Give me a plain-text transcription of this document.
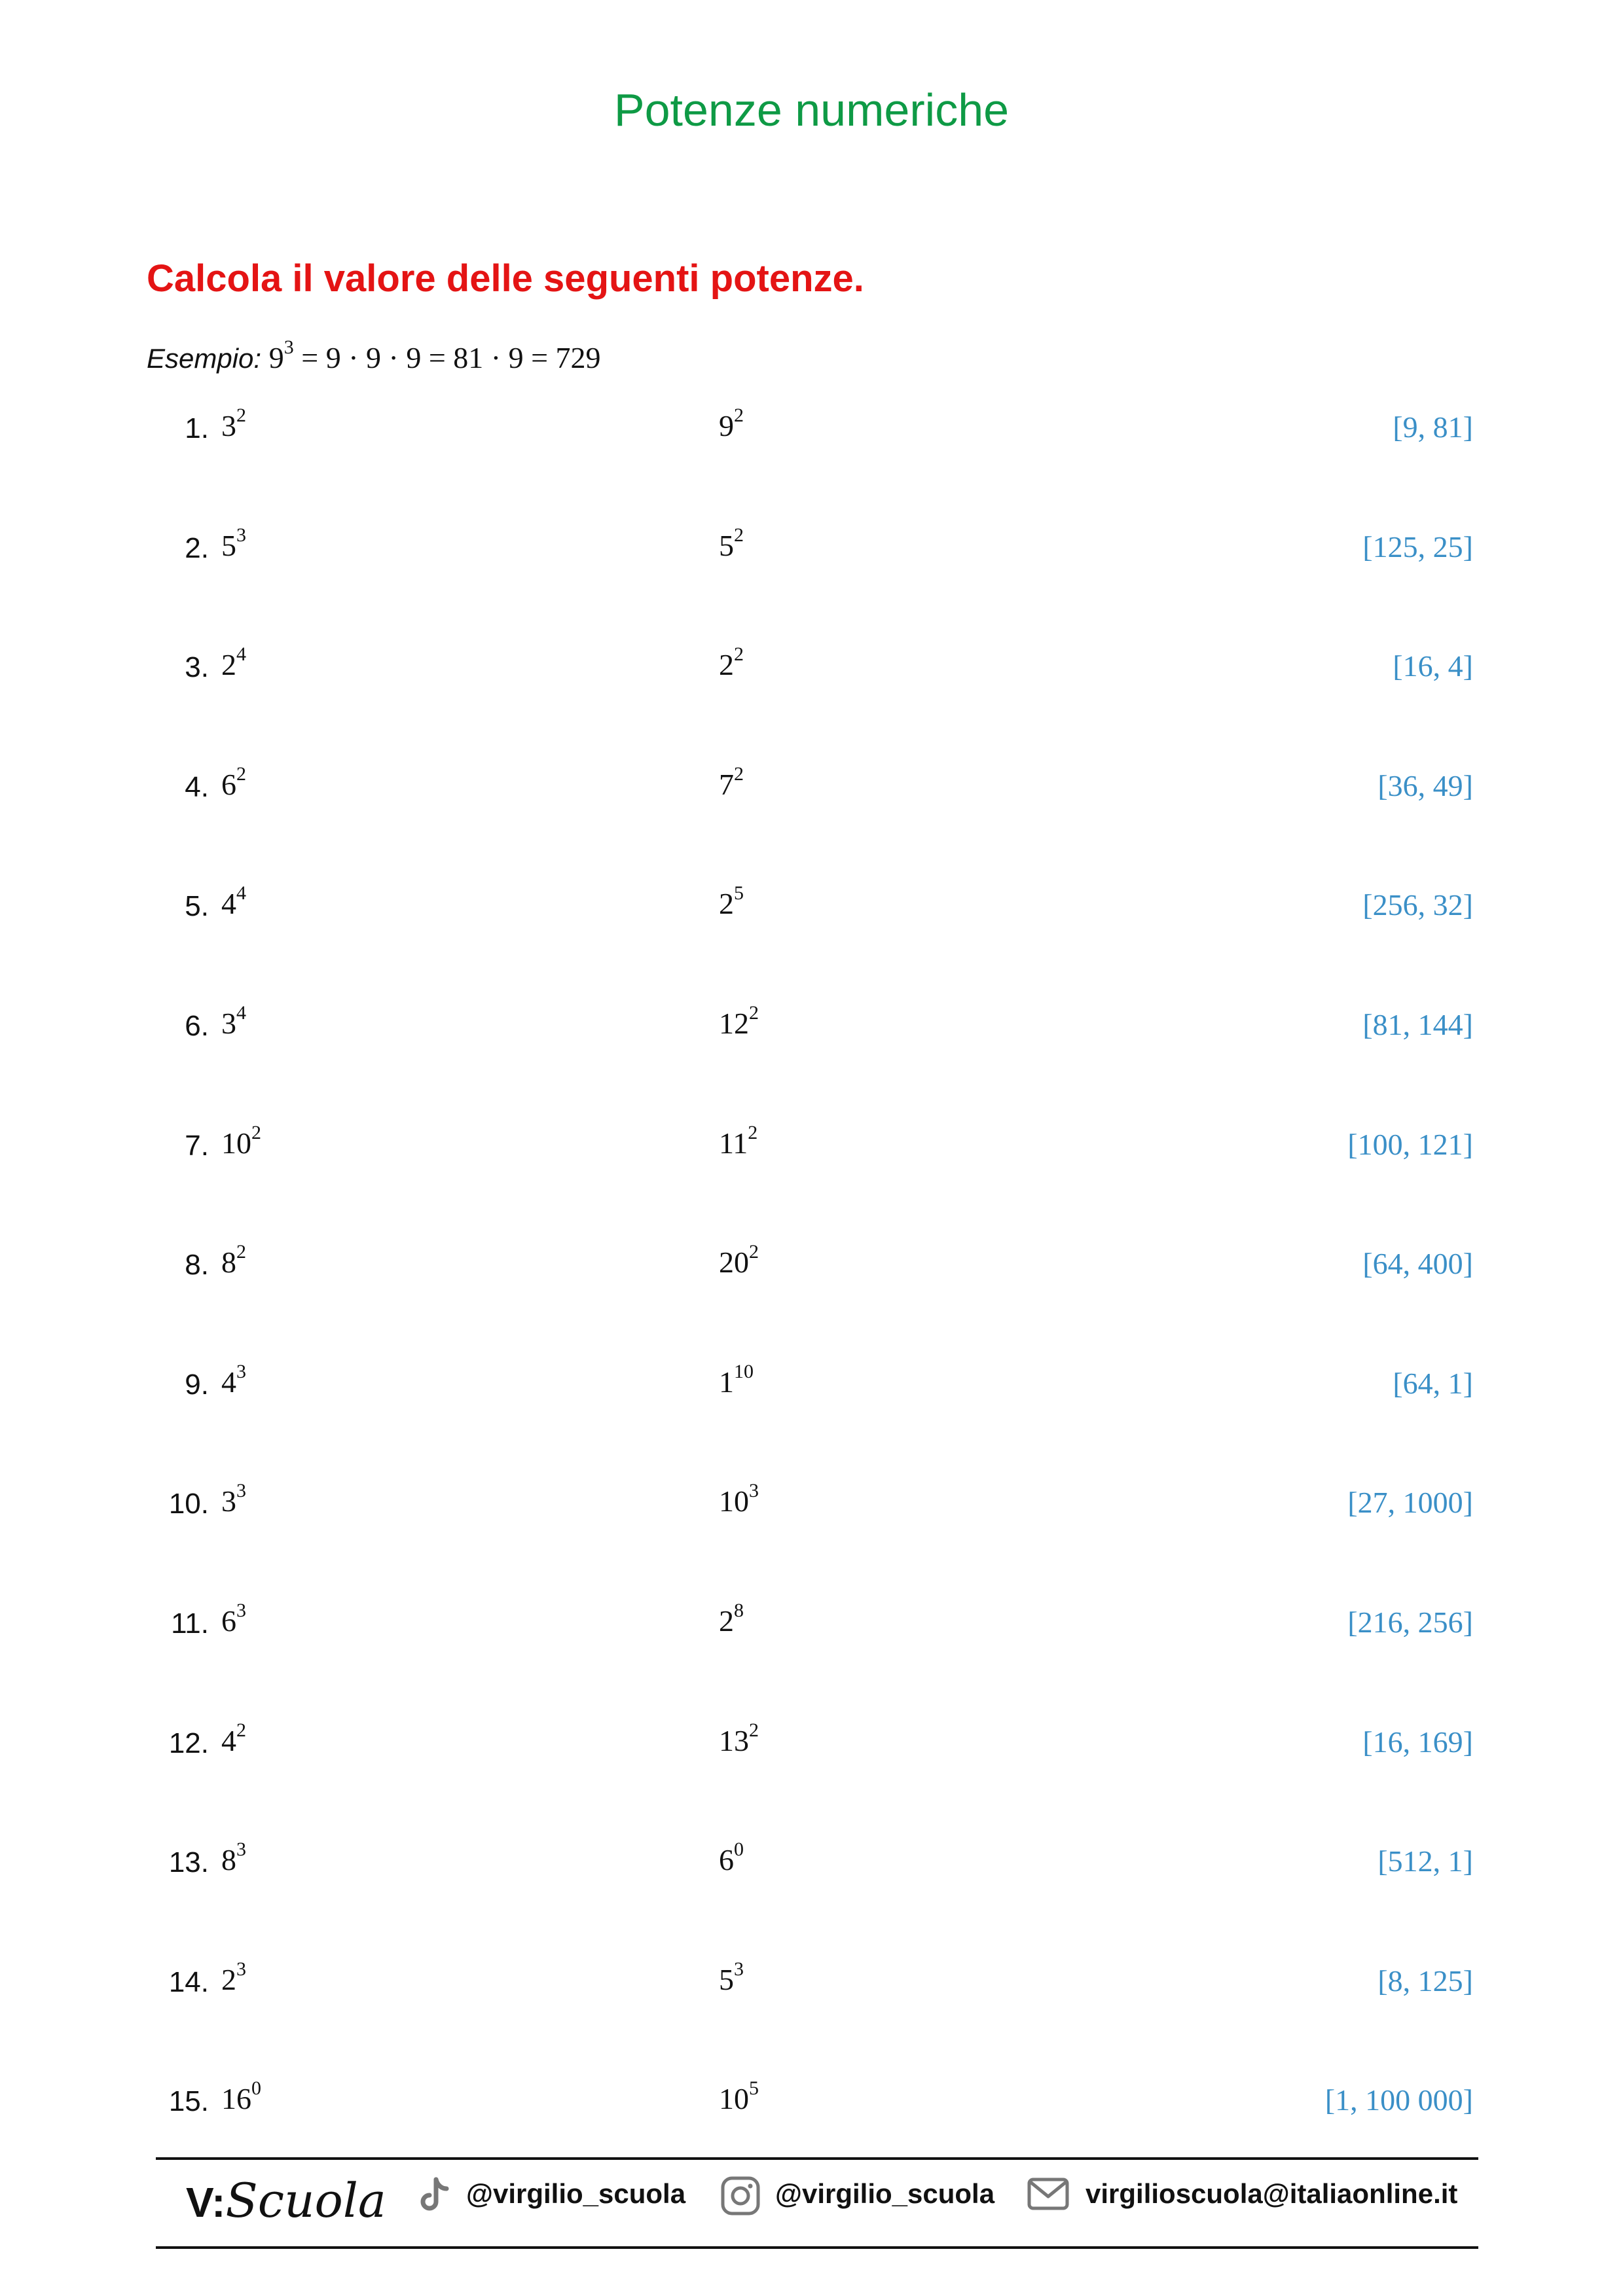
Potenze numeriche
Calcola il valore delle seguenti potenze.
Esempio: $9^3 = 9 \cdot 9 \cdot 9 = 81 \cdot 9 = 729$
1. $3^2$	$9^2$	[9, 81]
2. $5^3$	$5^2$	[125, 25]
3. $2^4$	$2^2$	[16, 4]
4. $6^2$	$7^2$	[36, 49]
5. $4^4$	$2^5$	[256, 32]
6. $3^4$	$12^2$	[81, 144]
7. $10^2$	$11^2$	[100, 121]
8. $8^2$	$20^2$	[64, 400]
9. $4^3$	$1^{10}$	[64, 1]
10. $3^3$	$10^3$	[27, 1000]
11. $6^3$	$2^8$	[216, 256]
12. $4^2$	$13^2$	[16, 169]
13. $8^3$	$6^0$	[512, 1]
14. $2^3$	$5^3$	[8, 125]
15. $16^0$	$10^5$	[1, 100 000]
V:Scuola	@virgilio_scuola	@virgilio_scuola	virgilioscuola@italiaonline.it
